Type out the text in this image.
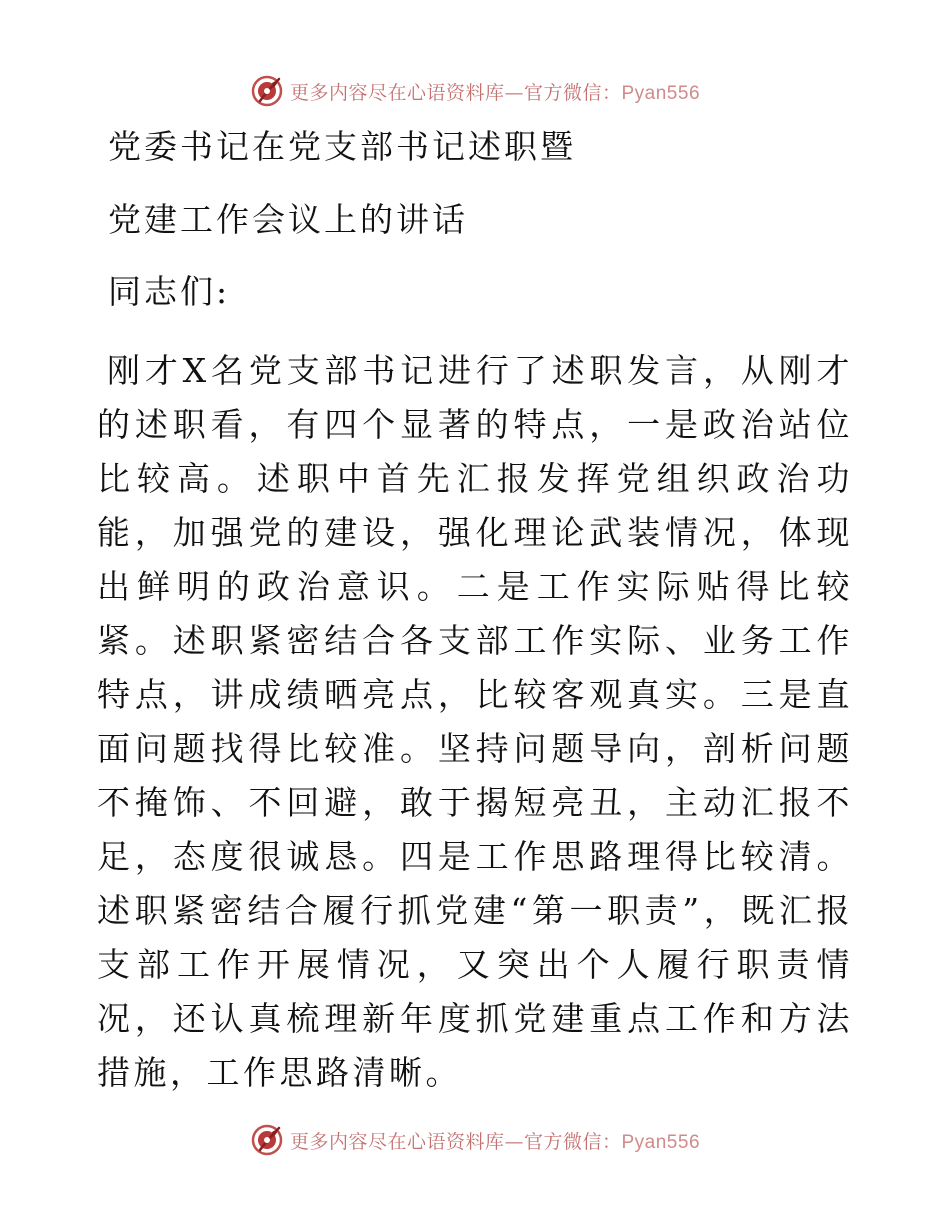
更多内容尽在心语资料库—官方微信：Pyan556
党委书记在党支部书记述职暨
党建工作会议上的讲话

同志们:

刚才X名党支部书记进行了述职发言，从刚才的述职看，有四个显著的特点，一是政治站位比较高。述职中首先汇报发挥党组织政治功能，加强党的建设，强化理论武装情况，体现出鲜明的政治意识。二是工作实际贴得比较紧。述职紧密结合各支部工作实际、业务工作特点，讲成绩晒亮点，比较客观真实。三是直面问题找得比较准。坚持问题导向，剖析问题不掩饰、不回避，敢于揭短亮丑，主动汇报不足，态度很诚恳。四是工作思路理得比较清。述职紧密结合履行抓党建“第一职责”，既汇报支部工作开展情况，又突出个人履行职责情况，还认真梳理新年度抓党建重点工作和方法措施，工作思路清晰。

更多内容尽在心语资料库—官方微信：Pyan556
